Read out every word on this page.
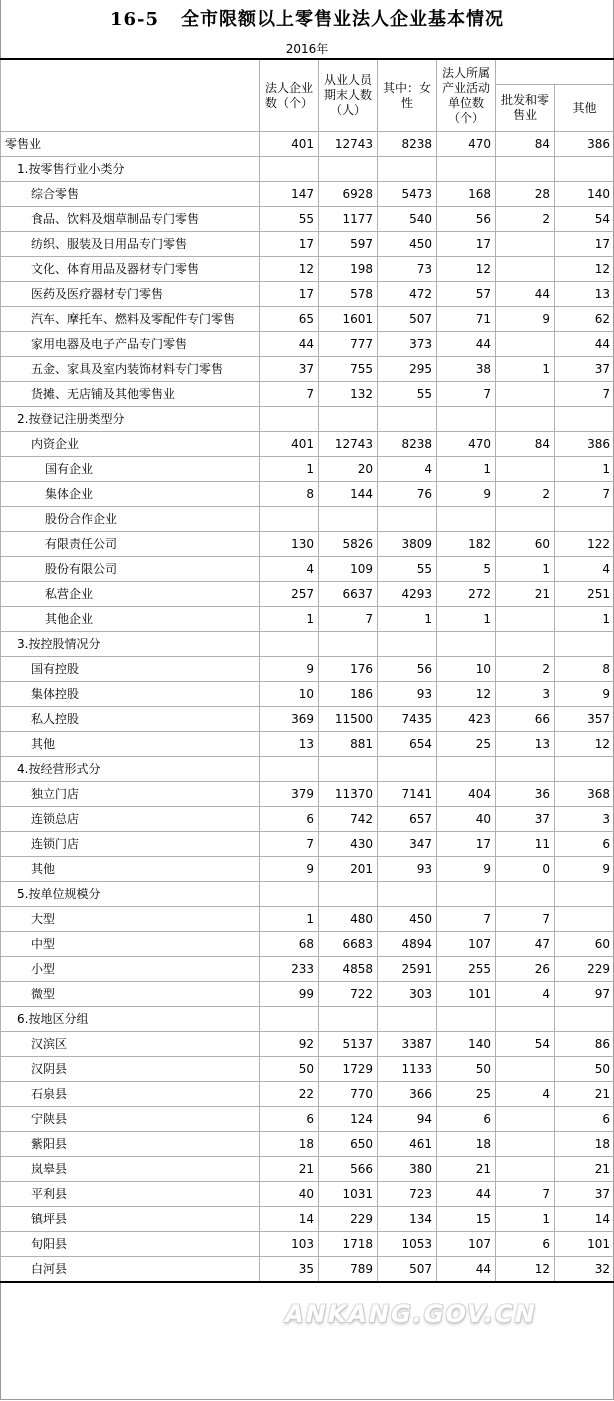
16-5 全市限额以上零售业法人企业基本情况
2016年
	法人企业数（个）	从业人员期末人数（人）	其中：女性	法人所属产业活动单位数（个）		
					批发和零售业	其他
零售业	401	12743	8238	470	84	386
1.按零售行业小类分						
综合零售	147	6928	5473	168	28	140
食品、饮料及烟草制品专门零售	55	1177	540	56	2	54
纺织、服装及日用品专门零售	17	597	450	17		17
文化、体育用品及器材专门零售	12	198	73	12		12
医药及医疗器材专门零售	17	578	472	57	44	13
汽车、摩托车、燃料及零配件专门零售	65	1601	507	71	9	62
家用电器及电子产品专门零售	44	777	373	44		44
五金、家具及室内装饰材料专门零售	37	755	295	38	1	37
货摊、无店铺及其他零售业	7	132	55	7		7
2.按登记注册类型分						
内资企业	401	12743	8238	470	84	386
国有企业	1	20	4	1		1
集体企业	8	144	76	9	2	7
股份合作企业						
有限责任公司	130	5826	3809	182	60	122
股份有限公司	4	109	55	5	1	4
私营企业	257	6637	4293	272	21	251
其他企业	1	7	1	1		1
3.按控股情况分						
国有控股	9	176	56	10	2	8
集体控股	10	186	93	12	3	9
私人控股	369	11500	7435	423	66	357
其他	13	881	654	25	13	12
4.按经营形式分						
独立门店	379	11370	7141	404	36	368
连锁总店	6	742	657	40	37	3
连锁门店	7	430	347	17	11	6
其他	9	201	93	9	0	9
5.按单位规模分						
大型	1	480	450	7	7	
中型	68	6683	4894	107	47	60
小型	233	4858	2591	255	26	229
微型	99	722	303	101	4	97
6.按地区分组						
汉滨区	92	5137	3387	140	54	86
汉阴县	50	1729	1133	50		50
石泉县	22	770	366	25	4	21
宁陕县	6	124	94	6		6
紫阳县	18	650	461	18		18
岚皋县	21	566	380	21		21
平利县	40	1031	723	44	7	37
镇坪县	14	229	134	15	1	14
旬阳县	103	1718	1053	107	6	101
白河县	35	789	507	44	12	32
ANKANG.GOV.CN
